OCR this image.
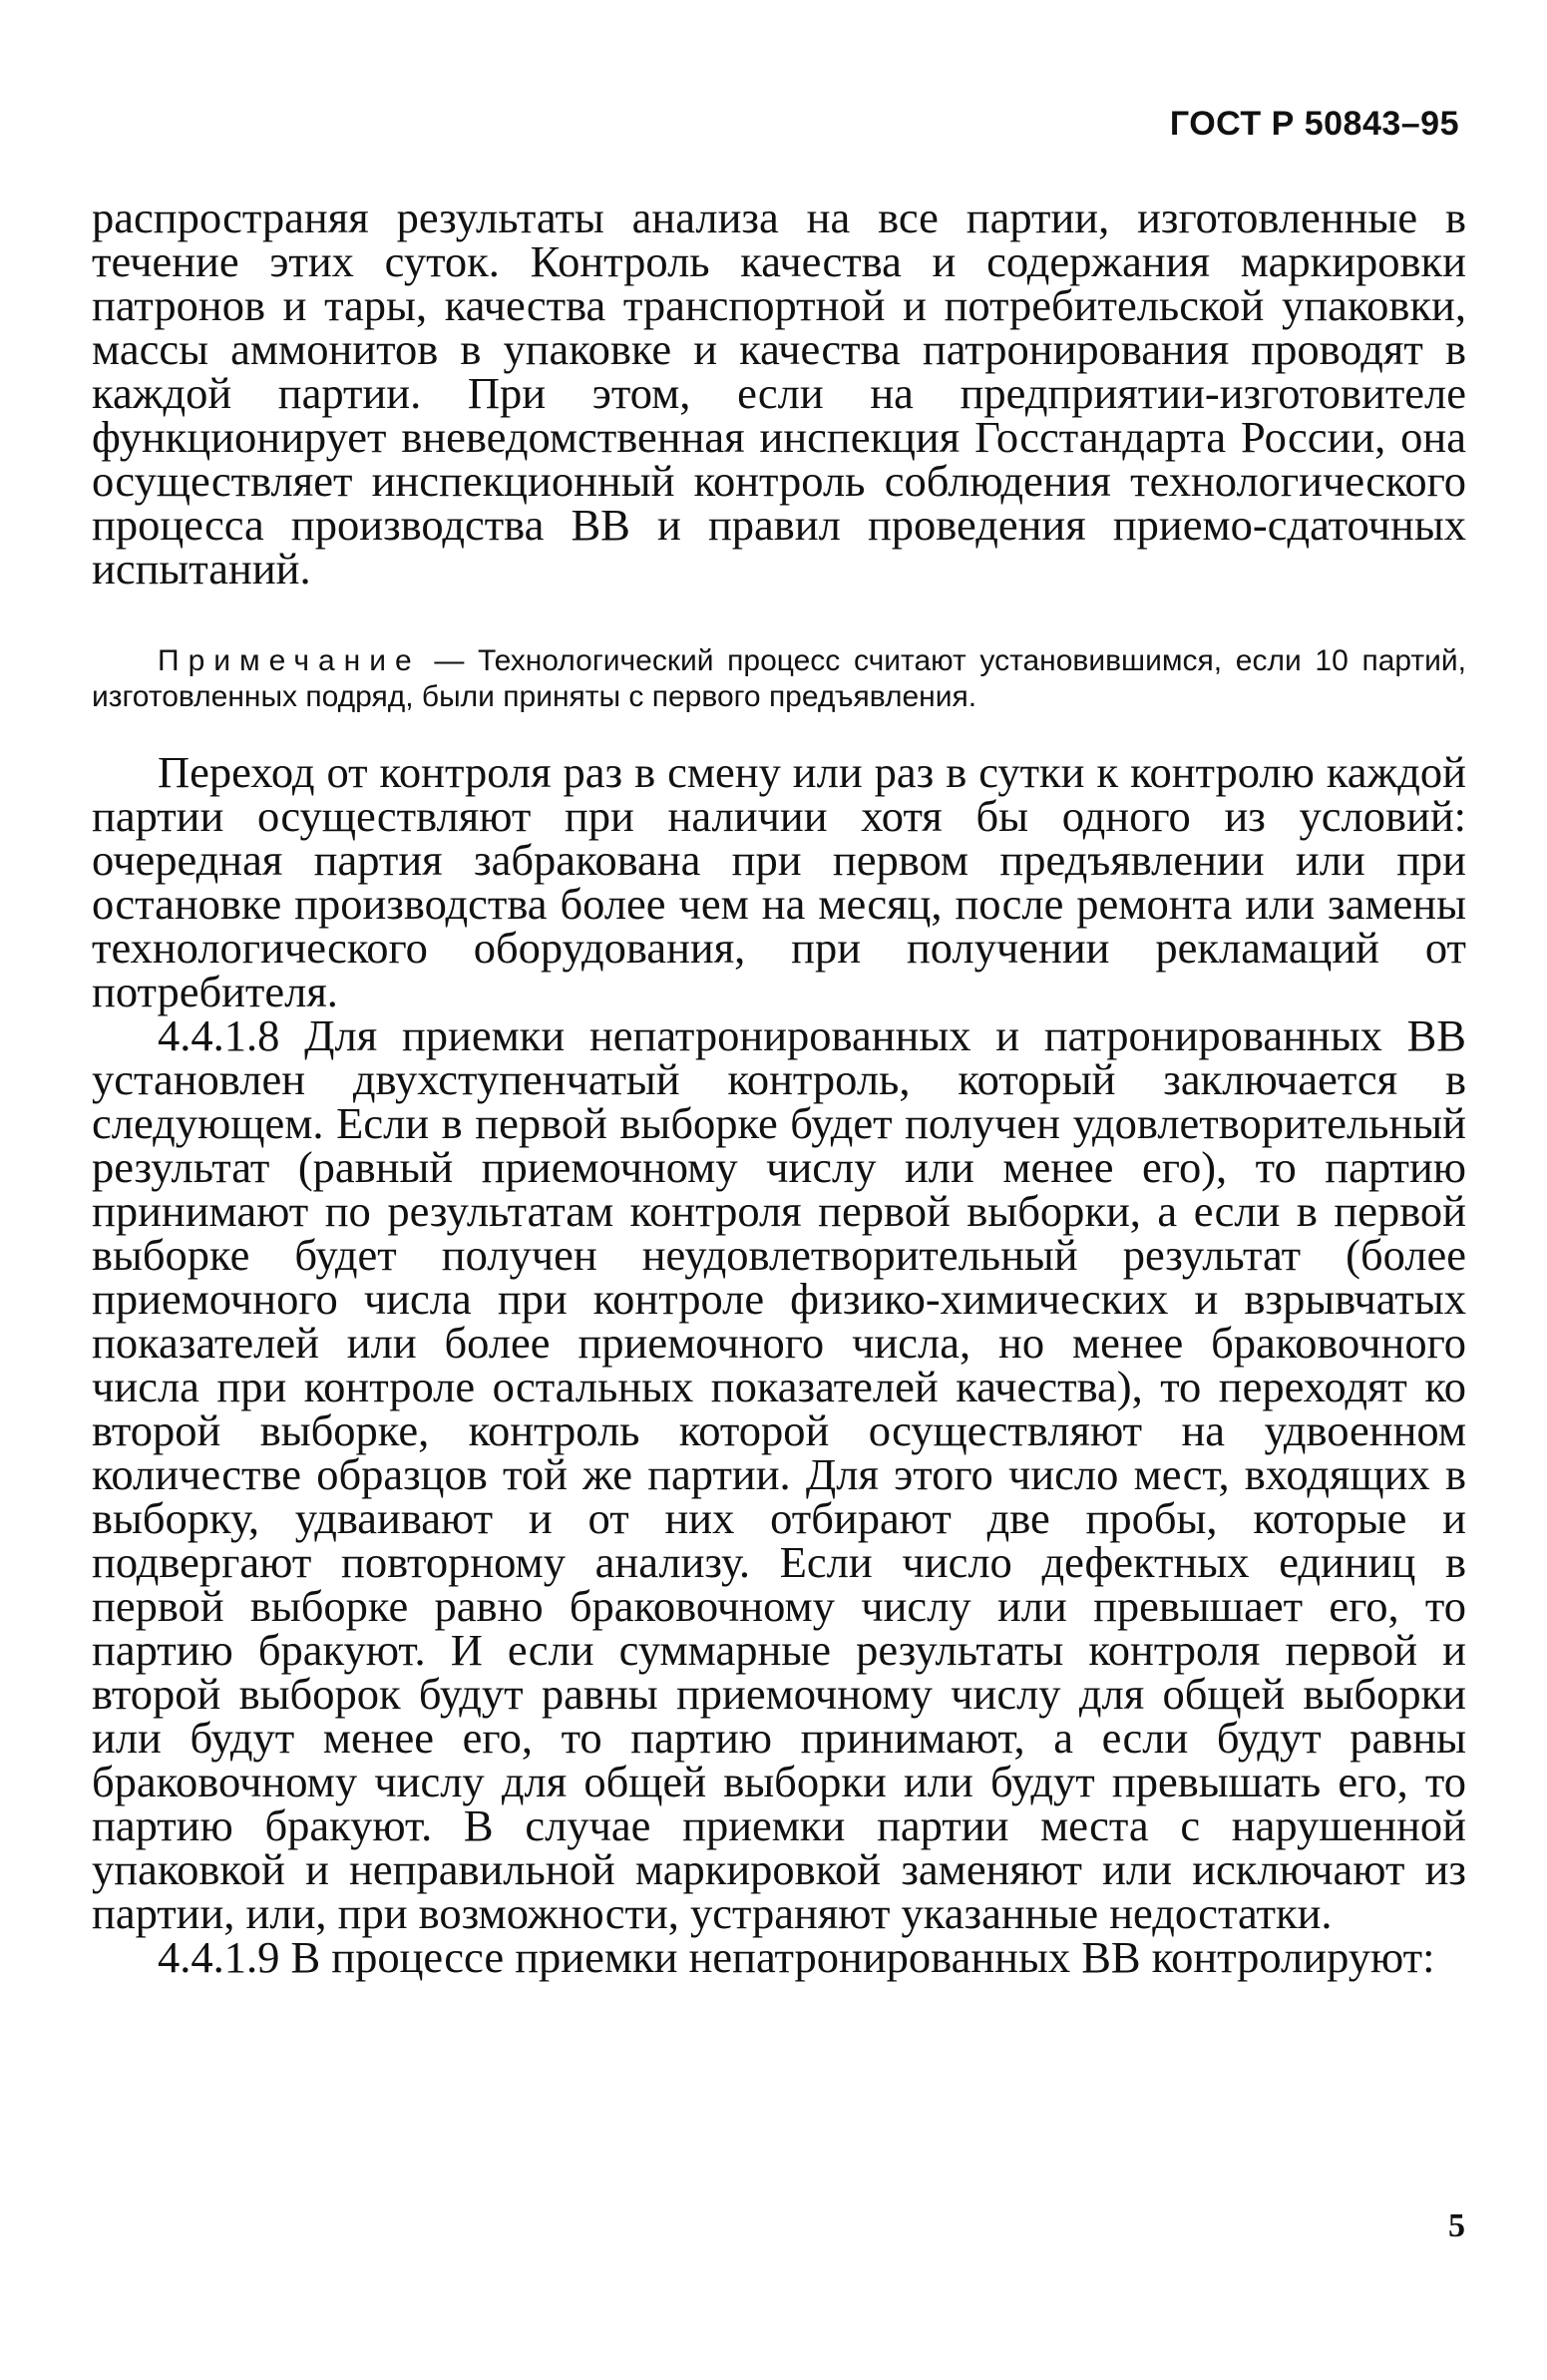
ГОСТ Р 50843–95

распространяя результаты анализа на все партии, изготовленные в течение этих суток. Контроль качества и содержания маркировки патронов и тары, качества транспортной и потребительской упаковки, массы аммонитов в упаковке и качества патронирования проводят в каждой партии. При этом, если на предприятии-изготовителе функционирует вневедомственная инспекция Госстандарта России, она осуществляет инспекционный контроль соблюдения технологического процесса производства ВВ и правил проведения приемо-сдаточных испытаний.

Примечание — Технологический процесс считают установившимся, если 10 партий, изготовленных подряд, были приняты с первого предъявления.

Переход от контроля раз в смену или раз в сутки к контролю каждой партии осуществляют при наличии хотя бы одного из условий: очередная партия забракована при первом предъявлении или при остановке производства более чем на месяц, после ремонта или замены технологического оборудования, при получении рекламаций от потребителя.

4.4.1.8 Для приемки непатронированных и патронированных ВВ установлен двухступенчатый контроль, который заключается в следующем. Если в первой выборке будет получен удовлетворительный результат (равный приемочному числу или менее его), то партию принимают по результатам контроля первой выборки, а если в первой выборке будет получен неудовлетворительный результат (более приемочного числа при контроле физико-химических и взрывчатых показателей или более приемочного числа, но менее браковочного числа при контроле остальных показателей качества), то переходят ко второй выборке, контроль которой осуществляют на удвоенном количестве образцов той же партии. Для этого число мест, входящих в выборку, удваивают и от них отбирают две пробы, которые и подвергают повторному анализу. Если число дефектных единиц в первой выборке равно браковочному числу или превышает его, то партию бракуют. И если суммарные результаты контроля первой и второй выборок будут равны приемочному числу для общей выборки или будут менее его, то партию принимают, а если будут равны браковочному числу для общей выборки или будут превышать его, то партию бракуют. В случае приемки партии места с нарушенной упаковкой и неправильной маркировкой заменяют или исключают из партии, или, при возможности, устраняют указанные недостатки.

4.4.1.9 В процессе приемки непатронированных ВВ контролируют:

5
